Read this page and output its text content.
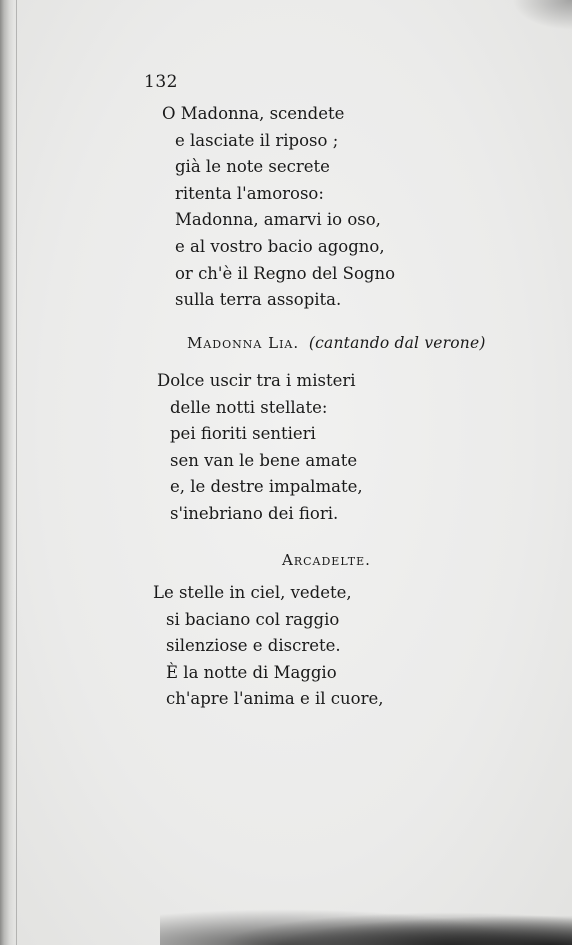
132
O Madonna, scendete
e lasciate il riposo ;
già le note secrete
ritenta l'amoroso:
Madonna, amarvi io oso,
e al vostro bacio agogno,
or ch'è il Regno del Sogno
sulla terra assopita.
Madonna Lia. (cantando dal verone)
Dolce uscir tra i misteri
delle notti stellate:
pei fioriti sentieri
sen van le bene amate
e, le destre impalmate,
s'inebriano dei fiori.
Arcadelte.
Le stelle in ciel, vedete,
si baciano col raggio
silenziose e discrete.
È la notte di Maggio
ch'apre l'anima e il cuore,
